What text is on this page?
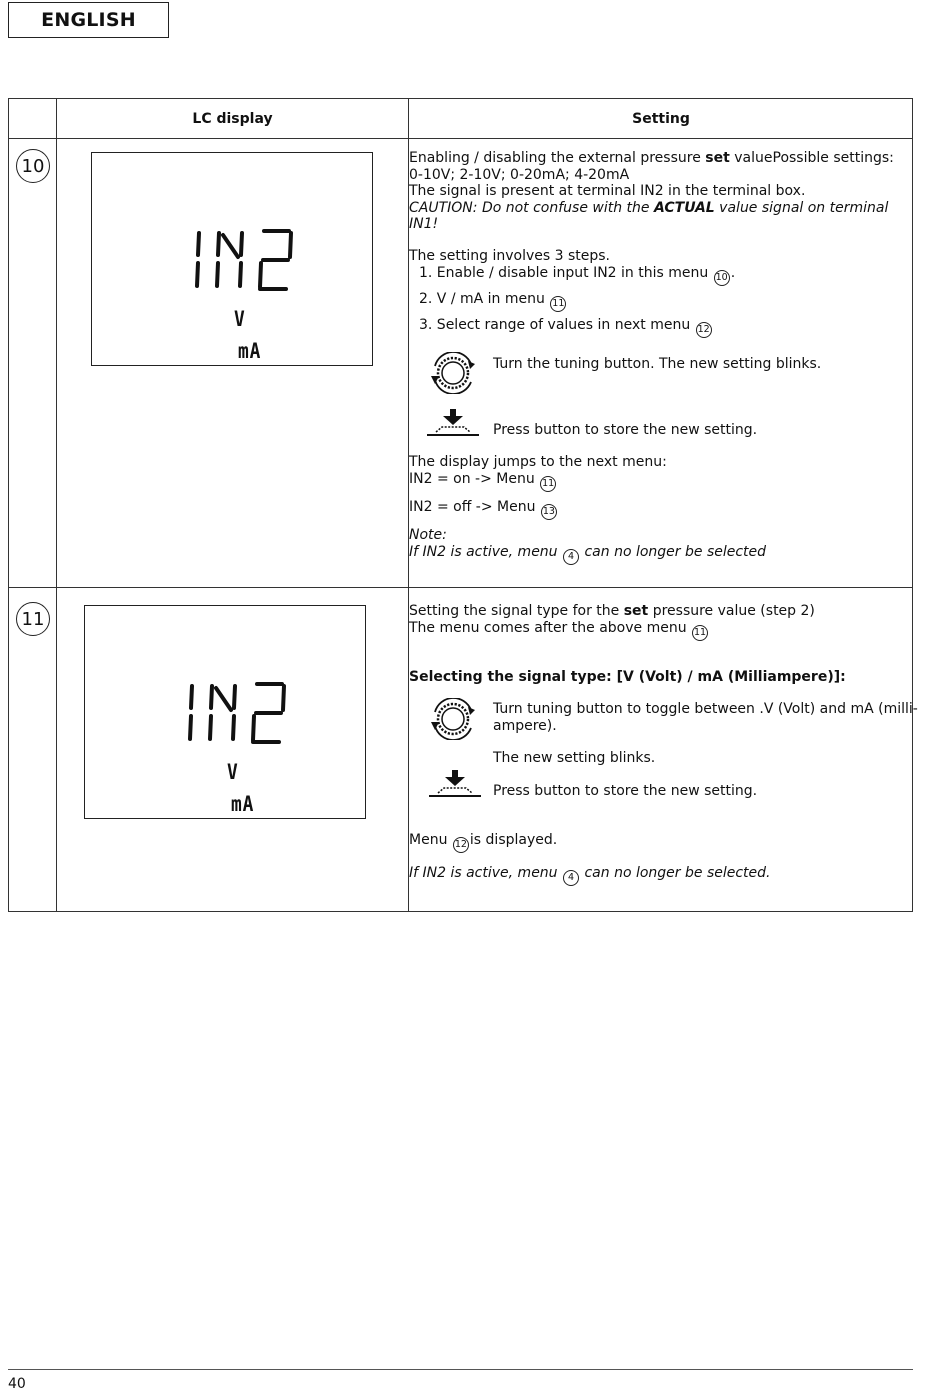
ENGLISH
LC display	Setting
10
V
mA
11
V
mA
Enabling / disabling the external pressure set valuePossible settings:
0-10V; 2-10V; 0-20mA; 4-20mA
The signal is present at terminal IN2 in the terminal box.
CAUTION: Do not confuse with the ACTUAL value signal on terminal
IN1!
The setting involves 3 steps.
1. Enable / disable input IN2 in this menu 10 .
2. V / mA in menu 11
3. Select range of values in next menu 12
Turn the tuning button. The new setting blinks.
Press button to store the new setting.
The display jumps to the next menu:
IN2 = on -> Menu 11
IN2 = off -> Menu 13
Note:
If IN2 is active, menu 4 can no longer be selected
Setting the signal type for the set pressure value (step 2)
The menu comes after the above menu 11
Selecting the signal type: [V (Volt) / mA (Milliampere)]:
Turn tuning button to toggle between .V (Volt) and mA (milli-
ampere).
The new setting blinks.
Press button to store the new setting.
Menu 12 is displayed.
If IN2 is active, menu 4 can no longer be selected.
40
